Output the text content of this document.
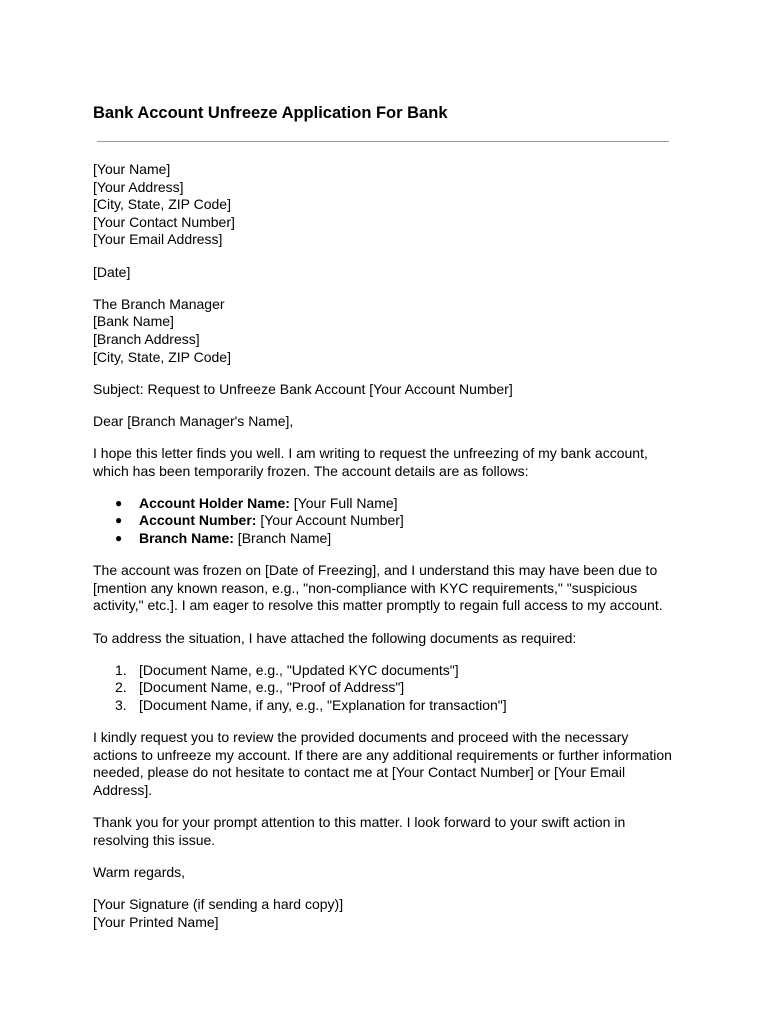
Bank Account Unfreeze Application For Bank

[Your Name]
[Your Address]
[City, State, ZIP Code]
[Your Contact Number]
[Your Email Address]

[Date]

The Branch Manager
[Bank Name]
[Branch Address]
[City, State, ZIP Code]

Subject: Request to Unfreeze Bank Account [Your Account Number]

Dear [Branch Manager's Name],

I hope this letter finds you well. I am writing to request the unfreezing of my bank account, which has been temporarily frozen. The account details are as follows:

● Account Holder Name: [Your Full Name]
● Account Number: [Your Account Number]
● Branch Name: [Branch Name]

The account was frozen on [Date of Freezing], and I understand this may have been due to [mention any known reason, e.g., "non-compliance with KYC requirements," "suspicious activity," etc.]. I am eager to resolve this matter promptly to regain full access to my account.

To address the situation, I have attached the following documents as required:

1. [Document Name, e.g., "Updated KYC documents"]
2. [Document Name, e.g., "Proof of Address"]
3. [Document Name, if any, e.g., "Explanation for transaction"]

I kindly request you to review the provided documents and proceed with the necessary actions to unfreeze my account. If there are any additional requirements or further information needed, please do not hesitate to contact me at [Your Contact Number] or [Your Email Address].

Thank you for your prompt attention to this matter. I look forward to your swift action in resolving this issue.

Warm regards,

[Your Signature (if sending a hard copy)]
[Your Printed Name]
